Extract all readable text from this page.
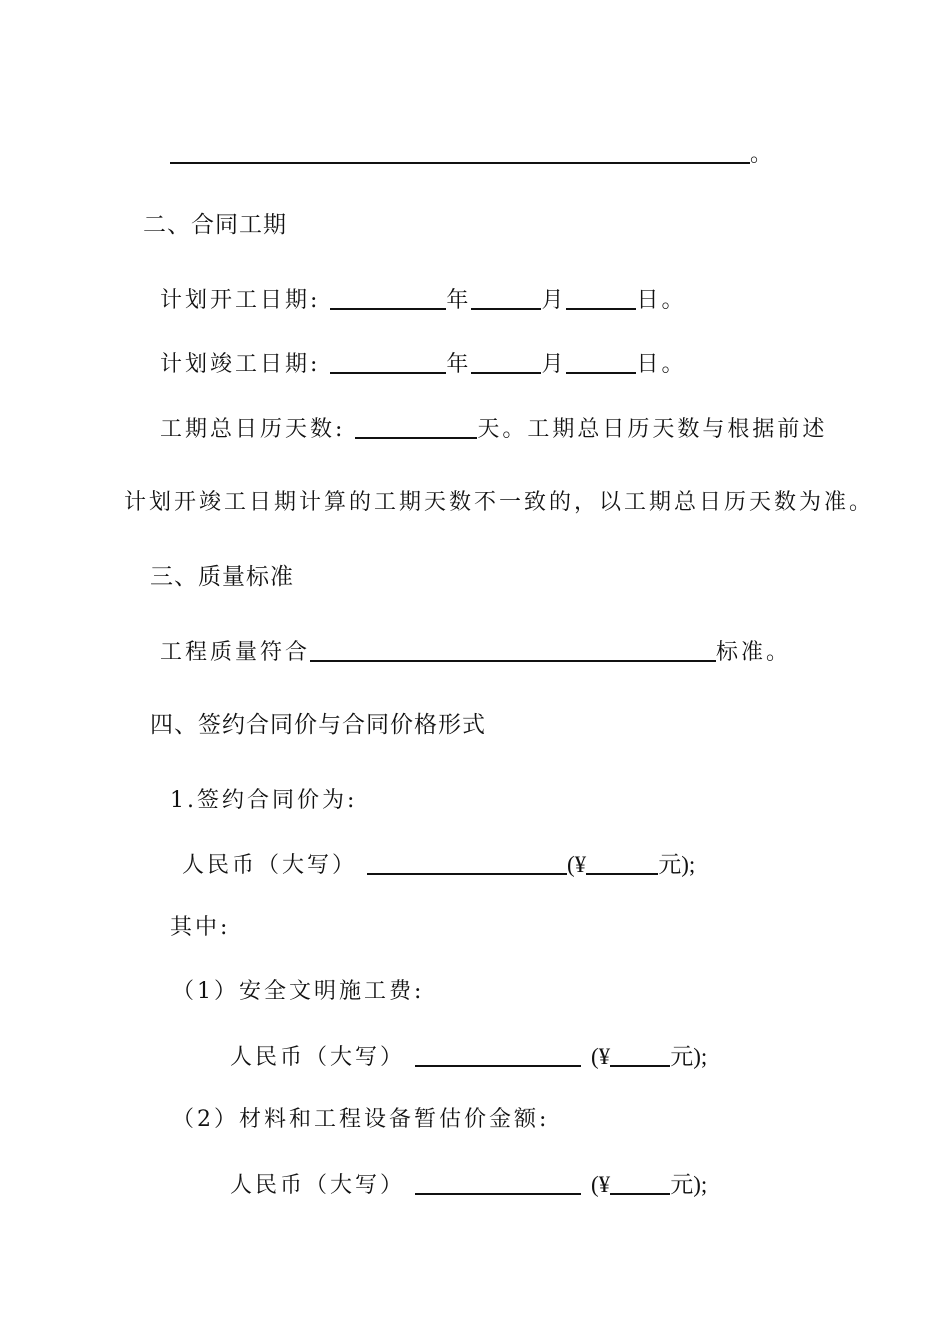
。
二、合同工期
计划开工日期:	年	月	日。
计划竣工日期:	年	月	日。
工期总日历天数:	天。工期总日历天数与根据前述
计划开竣工日期计算的工期天数不一致的，以工期总日历天数为准。
三、质量标准
工程质量符合	标准。
四、签约合同价与合同价格形式
1.签约合同价为:
人民币（大写）	(¥	元);
其中:
（1）安全文明施工费:
人民币（大写）	(¥	元);
（2）材料和工程设备暂估价金额:
人民币（大写）	(¥	元);
